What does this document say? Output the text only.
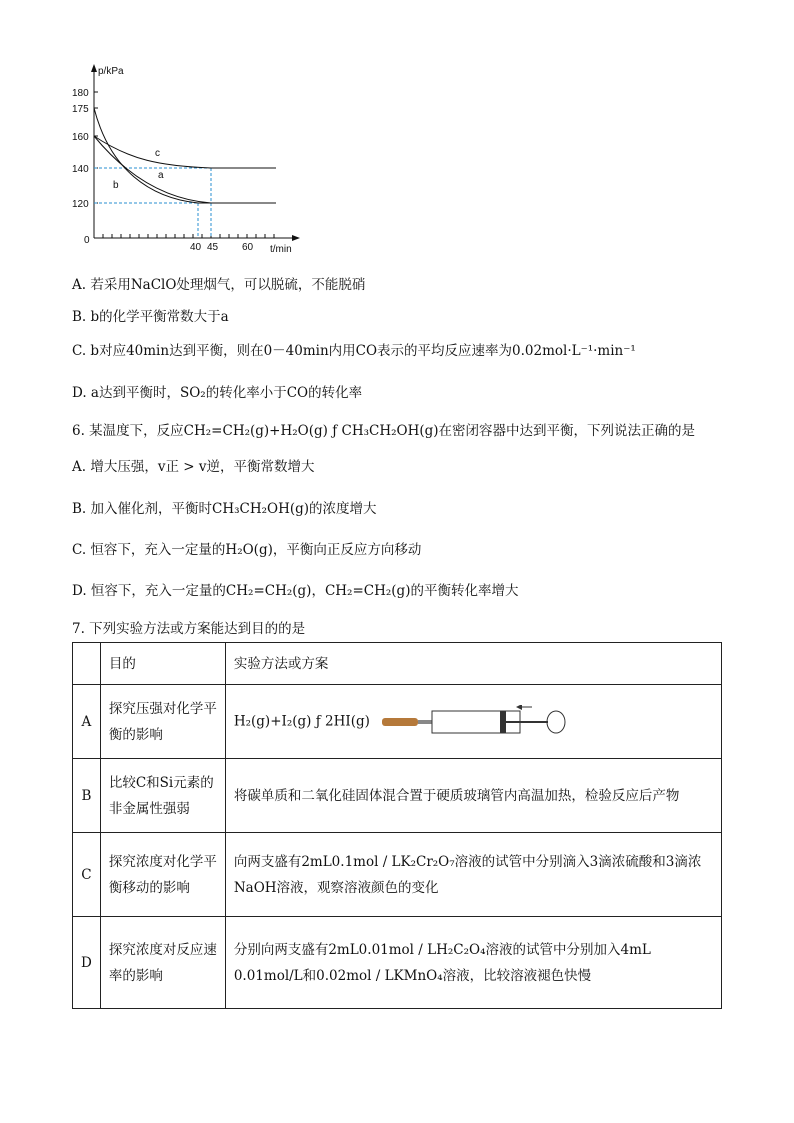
p/kPa
t/min
180
175
160
140
120
0
40 45 60
c
a
b
A. 若采用NaClO处理烟气，可以脱硫，不能脱硝
B. b的化学平衡常数大于a
C. b对应40min达到平衡，则在0－40min内用CO表示的平均反应速率为0.02mol·L⁻¹·min⁻¹
D. a达到平衡时，SO₂的转化率小于CO的转化率
6. 某温度下，反应CH₂=CH₂(g)+H₂O(g) ƒ CH₃CH₂OH(g)在密闭容器中达到平衡，下列说法正确的是
A. 增大压强，v正 > v逆，平衡常数增大
B. 加入催化剂，平衡时CH₃CH₂OH(g)的浓度增大
C. 恒容下，充入一定量的H₂O(g)，平衡向正反应方向移动
D. 恒容下，充入一定量的CH₂=CH₂(g)，CH₂=CH₂(g)的平衡转化率增大
7. 下列实验方法或方案能达到目的的是
	目的	实验方法或方案
A	探究压强对化学平衡的影响	H₂(g)+I₂(g) ƒ 2HI(g)
B	比较C和Si元素的非金属性强弱	将碳单质和二氧化硅固体混合置于硬质玻璃管内高温加热，检验反应后产物
C	探究浓度对化学平衡移动的影响	向两支盛有2mL0.1mol / LK₂Cr₂O₇溶液的试管中分别滴入3滴浓硫酸和3滴浓NaOH溶液，观察溶液颜色的变化
D	探究浓度对反应速率的影响	分别向两支盛有2mL0.01mol / LH₂C₂O₄溶液的试管中分别加入4mL 0.01mol/L和0.02mol / LKMnO₄溶液，比较溶液褪色快慢
